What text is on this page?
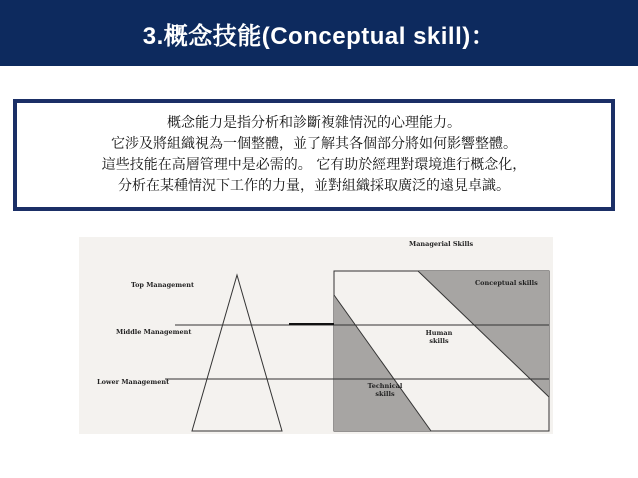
3.概念技能(Conceptual skill)：
概念能力是指分析和診斷複雜情況的心理能力。
它涉及將組織視為一個整體，並了解其各個部分將如何影響整體。
這些技能在高層管理中是必需的。 它有助於經理對環境進行概念化，
分析在某種情況下工作的力量，並對組織採取廣泛的遠見卓識。
Managerial Skills
Top Management
Middle Management
Lower Management
Conceptual skills
Human
skills
Technical
skills
